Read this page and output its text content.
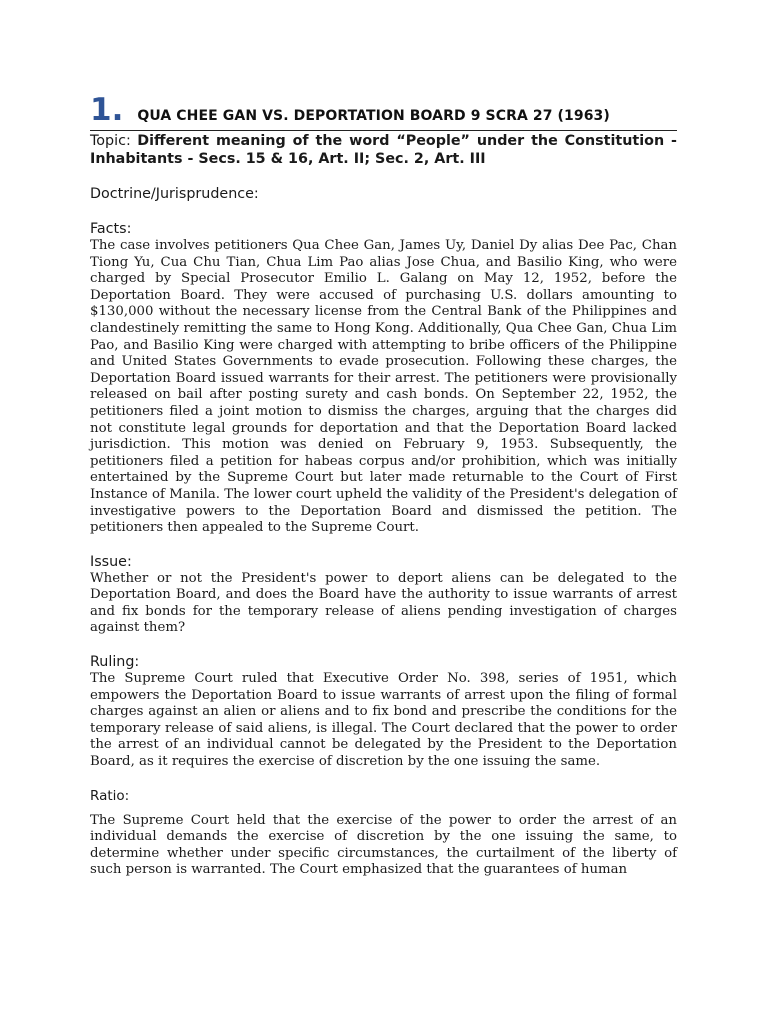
1. QUA CHEE GAN VS. DEPORTATION BOARD 9 SCRA 27 (1963)
Topic: Different meaning of the word “People” under the Constitution - Inhabitants - Secs. 15 & 16, Art. II; Sec. 2, Art. III

Doctrine/Jurisprudence:

Facts:

The case involves petitioners Qua Chee Gan, James Uy, Daniel Dy alias Dee Pac, Chan Tiong Yu, Cua Chu Tian, Chua Lim Pao alias Jose Chua, and Basilio King, who were charged by Special Prosecutor Emilio L. Galang on May 12, 1952, before the Deportation Board. They were accused of purchasing U.S. dollars amounting to $130,000 without the necessary license from the Central Bank of the Philippines and clandestinely remitting the same to Hong Kong. Additionally, Qua Chee Gan, Chua Lim Pao, and Basilio King were charged with attempting to bribe officers of the Philippine and United States Governments to evade prosecution. Following these charges, the Deportation Board issued warrants for their arrest. The petitioners were provisionally released on bail after posting surety and cash bonds. On September 22, 1952, the petitioners filed a joint motion to dismiss the charges, arguing that the charges did not constitute legal grounds for deportation and that the Deportation Board lacked jurisdiction. This motion was denied on February 9, 1953. Subsequently, the petitioners filed a petition for habeas corpus and/or prohibition, which was initially entertained by the Supreme Court but later made returnable to the Court of First Instance of Manila. The lower court upheld the validity of the President's delegation of investigative powers to the Deportation Board and dismissed the petition. The petitioners then appealed to the Supreme Court.

Issue:

Whether or not the President's power to deport aliens can be delegated to the Deportation Board, and does the Board have the authority to issue warrants of arrest and fix bonds for the temporary release of aliens pending investigation of charges against them?

Ruling:

The Supreme Court ruled that Executive Order No. 398, series of 1951, which empowers the Deportation Board to issue warrants of arrest upon the filing of formal charges against an alien or aliens and to fix bond and prescribe the conditions for the temporary release of said aliens, is illegal. The Court declared that the power to order the arrest of an individual cannot be delegated by the President to the Deportation Board, as it requires the exercise of discretion by the one issuing the same.

Ratio:

The Supreme Court held that the exercise of the power to order the arrest of an individual demands the exercise of discretion by the one issuing the same, to determine whether under specific circumstances, the curtailment of the liberty of such person is warranted. The Court emphasized that the guarantees of human
